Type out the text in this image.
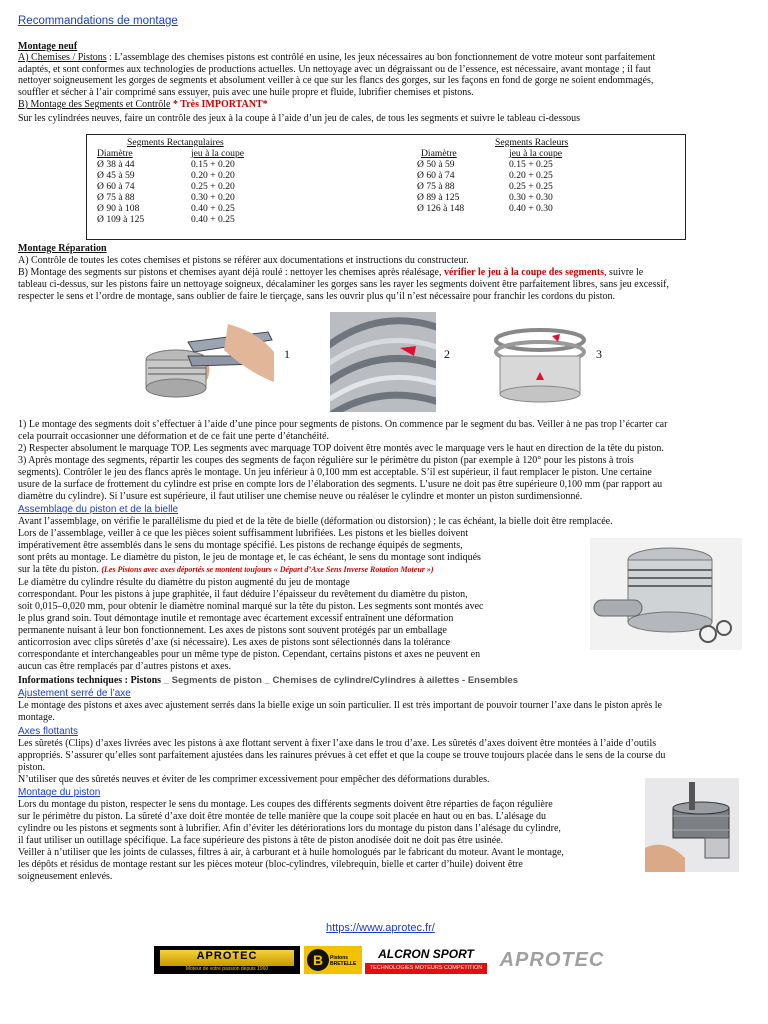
Recommandations de montage
Montage neuf
A) Chemises / Pistons : L’assemblage des chemises pistons est contrôlé en usine, les jeux nécessaires au bon fonctionnement de votre moteur sont parfaitement
adaptés, et sont conformes aux technologies de productions actuelles. Un nettoyage avec un dégraissant ou de l’essence, est nécessaire, avant montage ; il faut
nettoyer soigneusement les gorges de segments et absolument veiller à ce que sur les flancs des gorges, sur les façons en fond de gorge ne soient endommagés,
souffler et sécher à l’air comprimé sans essuyer, puis avec une huile propre et fluide, lubrifier chemises et pistons.
B) Montage des Segments et Contrôle * Très IMPORTANT*
Sur les cylindrées neuves, faire un contrôle des jeux à la coupe à l’aide d’un jeu de cales, de tous les segments et suivre le tableau ci-dessous
Segments Rectangulaires
Diamètre	jeu à la coupe
Ø 38 à 44	0.15 + 0.20
Ø 45 à 59	0.20 + 0.20
Ø 60 à 74	0.25 + 0.20
Ø 75 à 88	0.30 + 0.20
Ø 90 à 108	0.40 + 0.25
Ø 109 à 125	0.40 + 0.25
Segments Racleurs
Diamètre	jeu à la coupe
Ø 50 à 59	0.15 + 0.25
Ø 60 à 74	0.20 + 0.25
Ø 75 à 88	0.25 + 0.25
Ø 89 à 125	0.30 + 0.30
Ø 126 à 148	0.40 + 0.30
Montage Réparation
A) Contrôle de toutes les cotes chemises et pistons se référer aux documentations et instructions du constructeur.
B) Montage des segments sur pistons et chemises ayant déjà roulé : nettoyer les chemises après réalésage, vérifier le jeu à la coupe des segments, suivre le
tableau ci-dessus, sur les pistons faire un nettoyage soigneux, décalaminer les gorges sans les rayer les segments doivent être parfaitement libres, sans jeu excessif,
respecter le sens et l’ordre de montage, sans oublier de faire le tierçage, sans les ouvrir plus qu’il n’est nécessaire pour franchir les cordons du piston.
1	2	3
1) Le montage des segments doit s’effectuer à l’aide d’une pince pour segments de pistons. On commence par le segment du bas. Veiller à ne pas trop l’écarter car
cela pourrait occasionner une déformation et de ce fait une perte d’étanchéité.
2) Respecter absolument le marquage TOP. Les segments avec marquage TOP doivent être montés avec le marquage vers le haut en direction de la tête du piston.
3) Après montage des segments, répartir les coupes des segments de façon régulière sur le périmètre du piston (par exemple à 120° pour les pistons à trois
segments). Contrôler le jeu des flancs après le montage. Un jeu inférieur à 0,100 mm est acceptable. S’il est supérieur, il faut remplacer le piston. Une certaine
usure de la surface de frottement du cylindre est prise en compte lors de l’élaboration des segments. L’usure ne doit pas être supérieure 0,100 mm (par rapport au
diamètre du cylindre). Si l’usure est supérieure, il faut utiliser une chemise neuve ou réaléser le cylindre et monter un piston surdimensionné.
Assemblage du piston et de la bielle
Avant l’assemblage, on vérifie le parallélisme du pied et de la tête de bielle (déformation ou distorsion) ; le cas échéant, la bielle doit être remplacée.
Lors de l’assemblage, veiller à ce que les pièces soient suffisamment lubrifiées. Les pistons et les bielles doivent
impérativement être assemblés dans le sens du montage spécifié. Les pistons de rechange équipés de segments,
sont prêts au montage. Le diamètre du piston, le jeu de montage et, le cas échéant, le sens du montage sont indiqués
sur la tête du piston. (Les Pistons avec axes déportés se montent toujours « Départ d’Axe Sens Inverse Rotation Moteur »)
Le diamètre du cylindre résulte du diamètre du piston augmenté du jeu de montage
correspondant. Pour les pistons à jupe graphitée, il faut déduire l’épaisseur du revêtement du diamètre du piston,
soit 0,015–0,020 mm, pour obtenir le diamètre nominal marqué sur la tête du piston. Les segments sont montés avec
le plus grand soin. Tout démontage inutile et remontage avec écartement excessif entraînent une déformation
permanente nuisant à leur bon fonctionnement. Les axes de pistons sont souvent protégés par un emballage
anticorrosion avec clips sûretés d’axe (si nécessaire). Les axes de pistons sont sélectionnés dans la tolérance
correspondante et interchangeables pour un même type de piston. Cependant, certains pistons et axes ne peuvent en
aucun cas être remplacés par d’autres pistons et axes.
Informations techniques : Pistons _ Segments de piston _ Chemises de cylindre/Cylindres à ailettes - Ensembles
Ajustement serré de l’axe
Le montage des pistons et axes avec ajustement serrés dans la bielle exige un soin particulier. Il est très important de pouvoir tourner l’axe dans le piston après le
montage.
Axes flottants
Les sûretés (Clips) d’axes livrées avec les pistons à axe flottant servent à fixer l’axe dans le trou d’axe. Les sûretés d’axes doivent être montées à l’aide d’outils
appropriés. S’assurer qu’elles sont parfaitement ajustées dans les rainures prévues à cet effet et que la coupe se trouve toujours placée dans le sens de la course du
piston.
N’utiliser que des sûretés neuves et éviter de les comprimer excessivement pour empêcher des déformations durables.
Montage du piston
Lors du montage du piston, respecter le sens du montage. Les coupes des différents segments doivent être réparties de façon régulière
sur le périmètre du piston. La sûreté d’axe doit être montée de telle manière que la coupe soit placée en haut ou en bas. L’alésage du
cylindre ou les pistons et segments sont à lubrifier. Afin d’éviter les détériorations lors du montage du piston dans l’alésage du cylindre,
il faut utiliser un outillage spécifique. La face supérieure des pistons à tête de piston anodisée doit ne doit pas être usinée.
Veiller à n’utiliser que les joints de culasses, filtres à air, à carburant et à huile homologués par le fabricant du moteur. Avant le montage,
les dépôts et résidus de montage restant sur les pièces moteur (bloc-cylindres, vilebrequin, bielle et carter d’huile) doivent être
soigneusement enlevés.
https://www.aprotec.fr/
APROTEC
Moteur de votre passion depuis 1960
B	Pistons BRETELLE
ALCRON SPORT
TECHNOLOGIES MOTEURS COMPETITION APROTEC
